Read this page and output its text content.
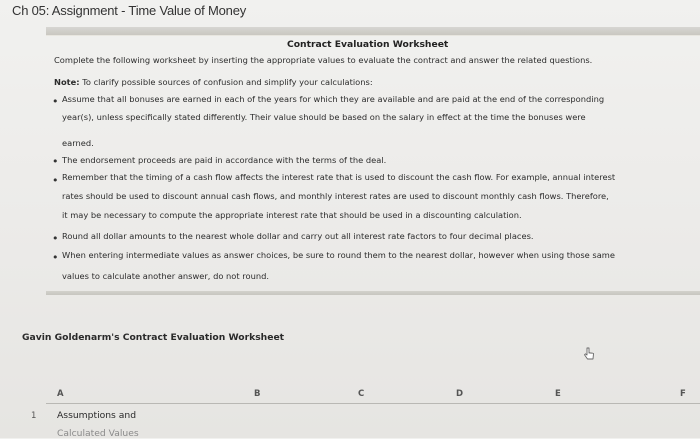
Ch 05: Assignment - Time Value of Money
Contract Evaluation Worksheet
Complete the following worksheet by inserting the appropriate values to evaluate the contract and answer the related questions.
Note: To clarify possible sources of confusion and simplify your calculations:
• Assume that all bonuses are earned in each of the years for which they are available and are paid at the end of the corresponding
year(s), unless specifically stated differently. Their value should be based on the salary in effect at the time the bonuses were
earned.
• The endorsement proceeds are paid in accordance with the terms of the deal.
• Remember that the timing of a cash flow affects the interest rate that is used to discount the cash flow. For example, annual interest
rates should be used to discount annual cash flows, and monthly interest rates are used to discount monthly cash flows. Therefore,
it may be necessary to compute the appropriate interest rate that should be used in a discounting calculation.
• Round all dollar amounts to the nearest whole dollar and carry out all interest rate factors to four decimal places.
• When entering intermediate values as answer choices, be sure to round them to the nearest dollar, however when using those same
values to calculate another answer, do not round.
Gavin Goldenarm's Contract Evaluation Worksheet
A	B	C	D	E	F
1 Assumptions and
Calculated Values
